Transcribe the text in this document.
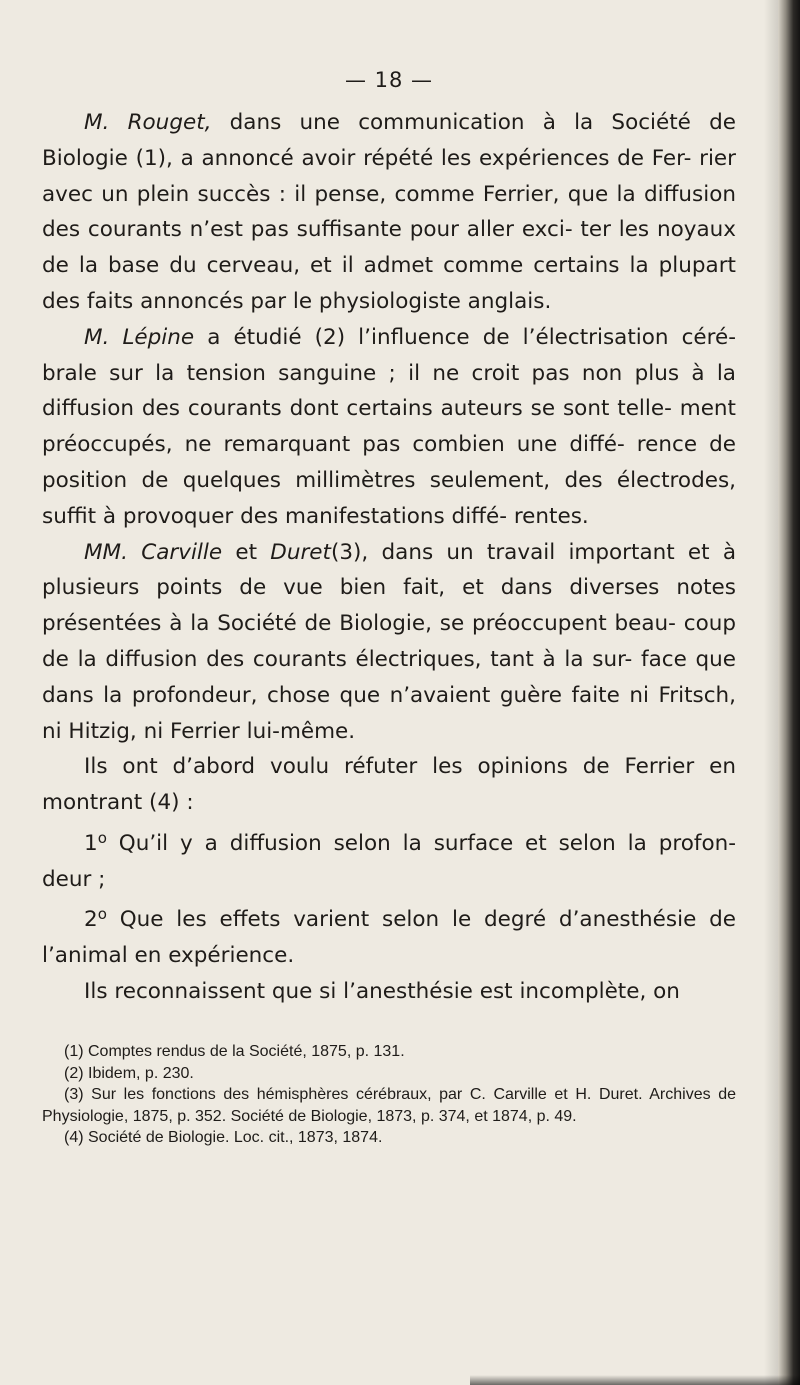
— 18 —

M. Rouget, dans une communication à la Société de Biologie (1), a annoncé avoir répété les expériences de Fer- rier avec un plein succès : il pense, comme Ferrier, que la diffusion des courants n’est pas suffisante pour aller exci- ter les noyaux de la base du cerveau, et il admet comme certains la plupart des faits annoncés par le physiologiste anglais.

M. Lépine a étudié (2) l’influence de l’électrisation céré- brale sur la tension sanguine ; il ne croit pas non plus à la diffusion des courants dont certains auteurs se sont telle- ment préoccupés, ne remarquant pas combien une diffé- rence de position de quelques millimètres seulement, des électrodes, suffit à provoquer des manifestations diffé- rentes.

MM. Carville et Duret(3), dans un travail important et à plusieurs points de vue bien fait, et dans diverses notes présentées à la Société de Biologie, se préoccupent beau- coup de la diffusion des courants électriques, tant à la sur- face que dans la profondeur, chose que n’avaient guère faite ni Fritsch, ni Hitzig, ni Ferrier lui-même.

Ils ont d’abord voulu réfuter les opinions de Ferrier en montrant (4) :

1$^o$ Qu’il y a diffusion selon la surface et selon la profon- deur ;

2$^o$ Que les effets varient selon le degré d’anesthésie de l’animal en expérience.

Ils reconnaissent que si l’anesthésie est incomplète, on

(1) Comptes rendus de la Société, 1875, p. 131.

(2) Ibidem, p. 230.

(3) Sur les fonctions des hémisphères cérébraux, par C. Carville et H. Duret. Archives de Physiologie, 1875, p. 352. Société de Biologie, 1873, p. 374, et 1874, p. 49.

(4) Société de Biologie. Loc. cit., 1873, 1874.
